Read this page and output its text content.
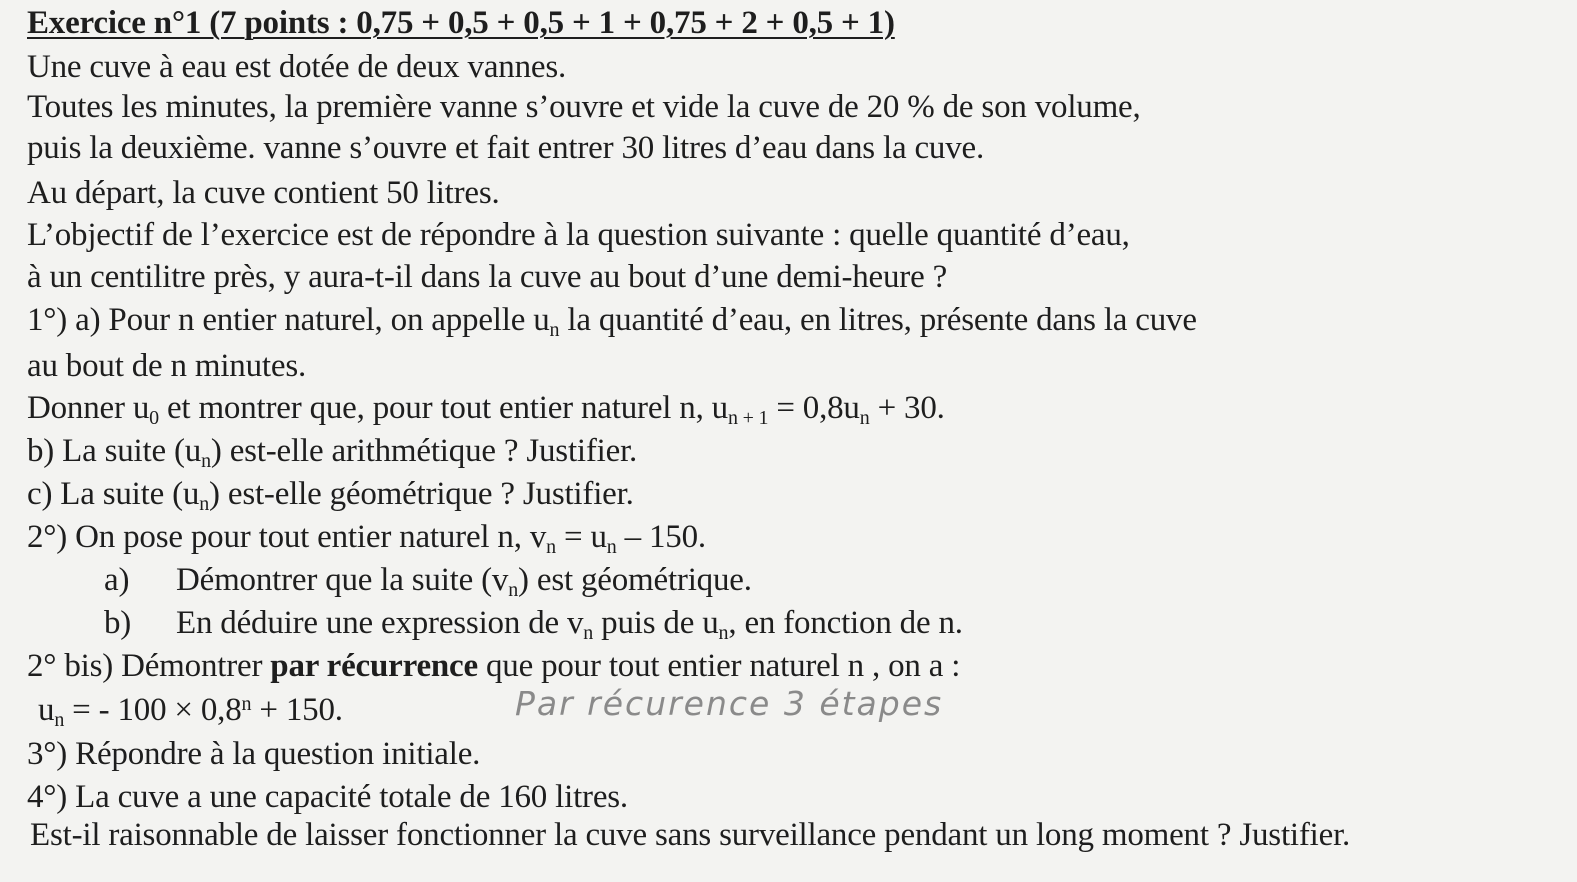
Exercice n°1 (7 points : 0,75 + 0,5 + 0,5 + 1 + 0,75 + 2 + 0,5 + 1)
Une cuve à eau est dotée de deux vannes.
Toutes les minutes, la première vanne s’ouvre et vide la cuve de 20 % de son volume,
puis la deuxième. vanne s’ouvre et fait entrer 30 litres d’eau dans la cuve.
Au départ, la cuve contient 50 litres.
L’objectif de l’exercice est de répondre à la question suivante : quelle quantité d’eau,
à un centilitre près, y aura-t-il dans la cuve au bout d’une demi-heure ?
1°) a) Pour n entier naturel, on appelle $u_n$ la quantité d’eau, en litres, présente dans la cuve
au bout de n minutes.
Donner $u_0$ et montrer que, pour tout entier naturel n, $u_{n + 1} = 0,8u_n + 30$.
b) La suite $(u_n)$ est-elle arithmétique ? Justifier.
c) La suite $(u_n)$ est-elle géométrique ? Justifier.
2°) On pose pour tout entier naturel n, $v_n = u_n - 150$.
a) Démontrer que la suite $(v_n)$ est géométrique.
b) En déduire une expression de $v_n$ puis de $u_n$, en fonction de n.
2° bis) Démontrer par récurrence que pour tout entier naturel n , on a :
$u_n$ = - $100 \times 0,8^n + 150$.	Par récurence 3 étapes
3°) Répondre à la question initiale.
4°) La cuve a une capacité totale de 160 litres.
Est-il raisonnable de laisser fonctionner la cuve sans surveillance pendant un long moment ? Justifier.
